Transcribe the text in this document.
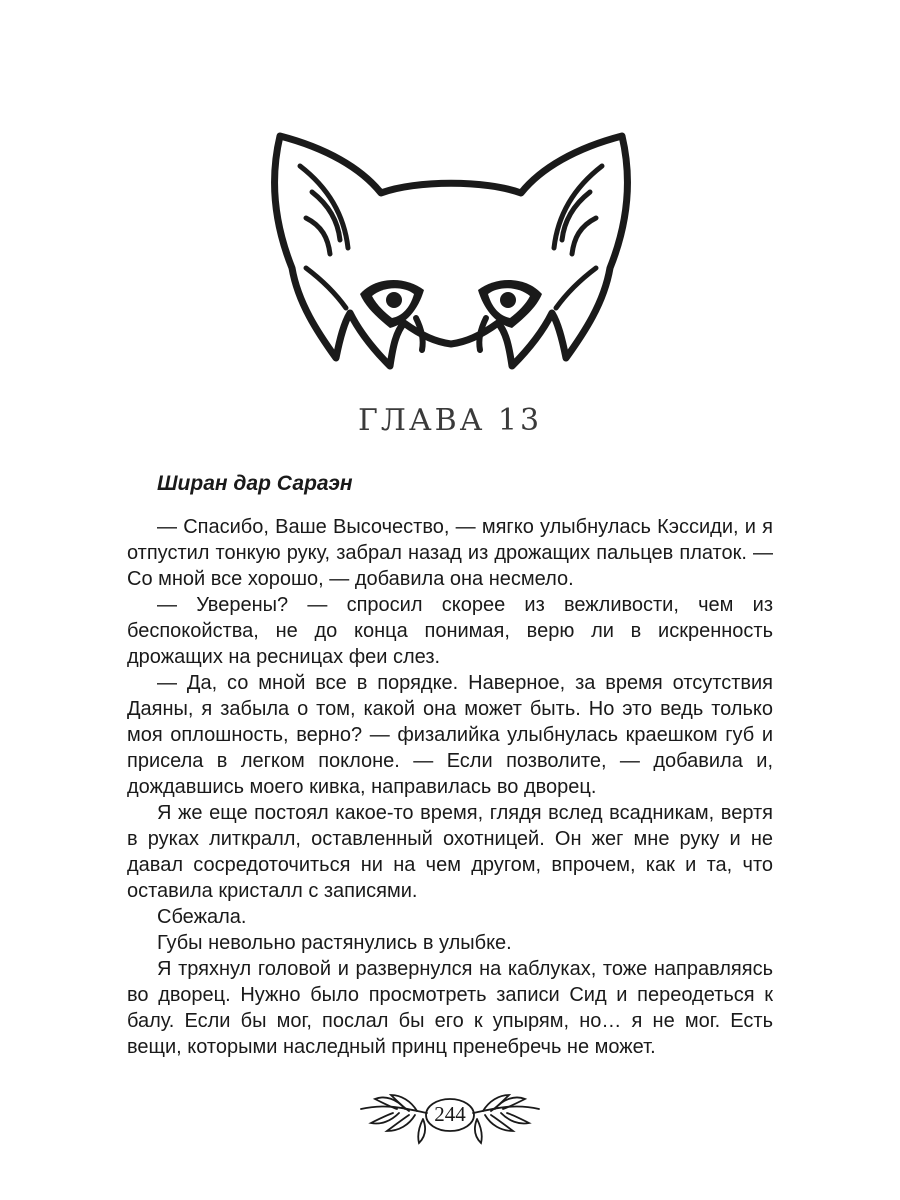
ГЛАВА 13
Ширан дар Сараэн

— Спасибо, Ваше Высочество, — мягко улыбнулась Кэссиди, и я отпустил тонкую руку, забрал назад из дрожащих пальцев платок. — Со мной все хорошо, — добавила она несмело.

— Уверены? — спросил скорее из вежливости, чем из беспокойства, не до конца понимая, верю ли в искренность дрожащих на ресницах феи слез.

— Да, со мной все в порядке. Наверное, за время отсутствия Даяны, я забыла о том, какой она может быть. Но это ведь только моя оплошность, верно? — физалийка улыбнулась краешком губ и присела в легком поклоне. — Если позволите, — добавила и, дождавшись моего кивка, направилась во дворец.

Я же еще постоял какое-то время, глядя вслед всадникам, вертя в руках литкралл, оставленный охотницей. Он жег мне руку и не давал сосредоточиться ни на чем другом, впрочем, как и та, что оставила кристалл с записями.

Сбежала.

Губы невольно растянулись в улыбке.

Я тряхнул головой и развернулся на каблуках, тоже направляясь во дворец. Нужно было просмотреть записи Сид и переодеться к балу. Если бы мог, послал бы его к упырям, но… я не мог. Есть вещи, которыми наследный принц пренебречь не может.

244
